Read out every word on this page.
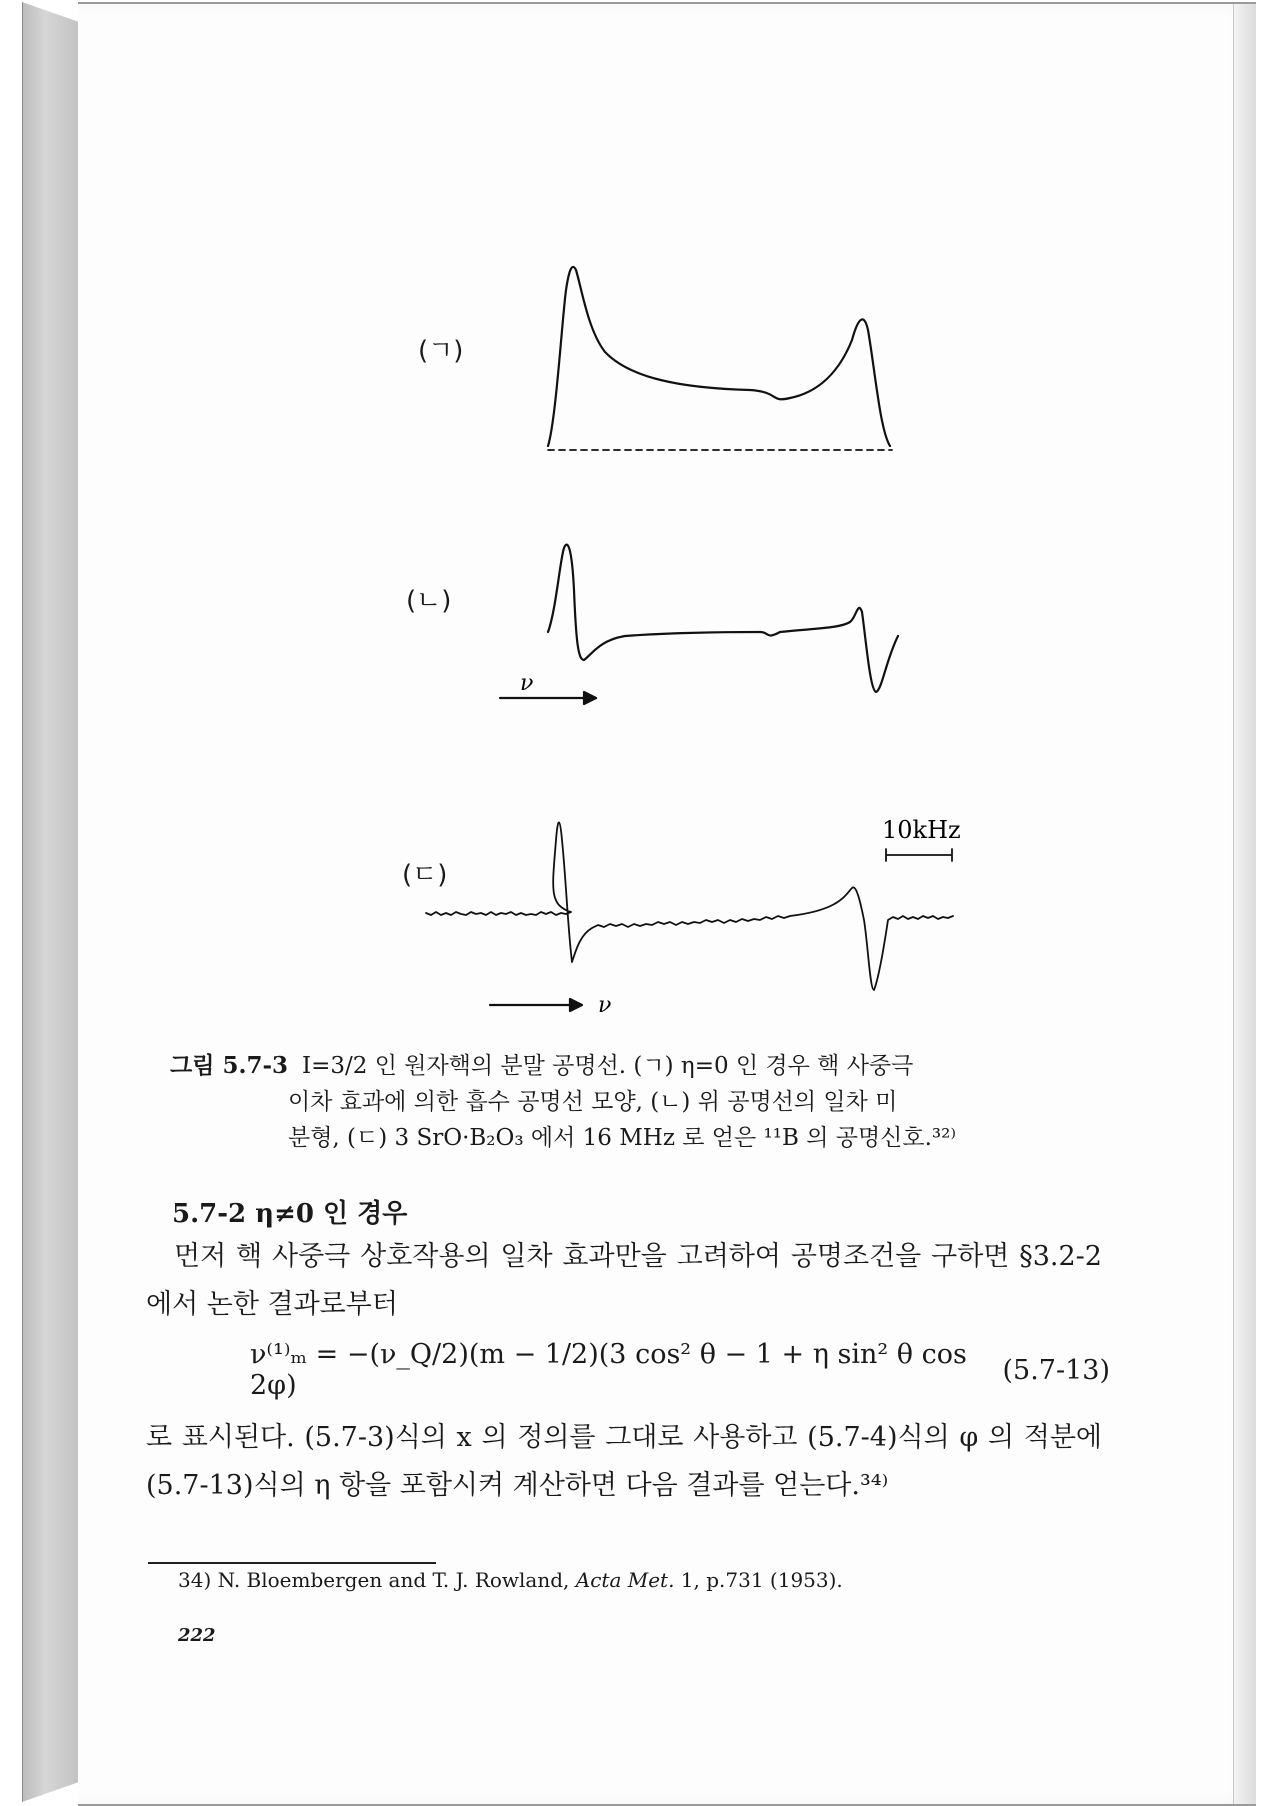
ν
ν
10kHz
(ㄱ)
(ㄴ)
(ㄷ)
그림 5.7-3 I=3/2 인 원자핵의 분말 공명선. (ㄱ) η=0 인 경우 핵 사중극
이차 효과에 의한 흡수 공명선 모양, (ㄴ) 위 공명선의 일차 미
분형, (ㄷ) 3 SrO·B₂O₃ 에서 16 MHz 로 얻은 ¹¹B 의 공명신호.³²⁾
5.7-2 η≠0 인 경우
먼저 핵 사중극 상호작용의 일차 효과만을 고려하여 공명조건을 구하면 §3.2-2 에서 논한 결과로부터
ν⁽¹⁾ₘ = −(ν_Q/2)(m − 1/2)(3 cos² θ − 1 + η sin² θ cos 2φ)	(5.7-13)
로 표시된다. (5.7-3)식의 x 의 정의를 그대로 사용하고 (5.7-4)식의 φ 의 적분에 (5.7-13)식의 η 항을 포함시켜 계산하면 다음 결과를 얻는다.³⁴⁾
34) N. Bloembergen and T. J. Rowland, Acta Met. 1, p.731 (1953).
222
